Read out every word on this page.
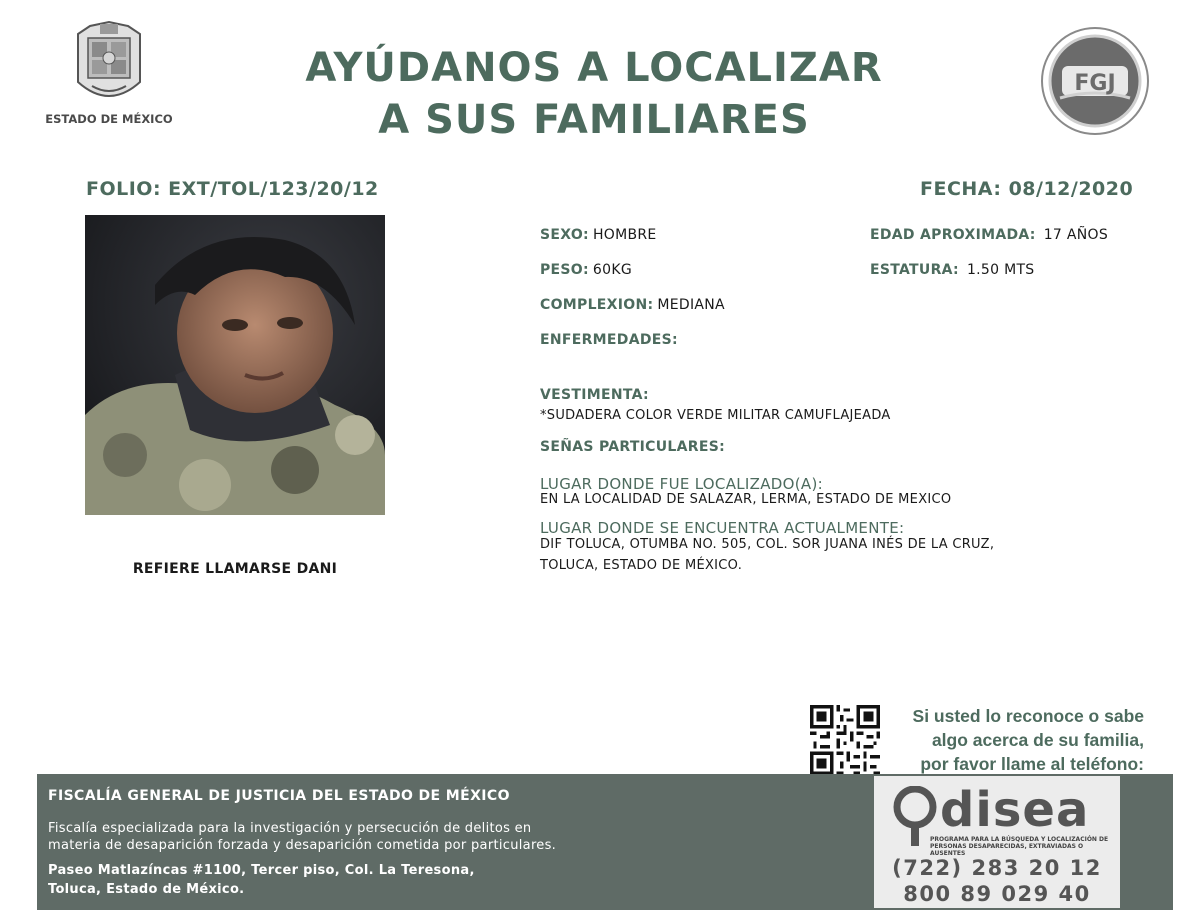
ESTADO DE MÉXICO
FGJ
AYÚDANOS A LOCALIZAR
A SUS FAMILIARES
FOLIO: EXT/TOL/123/20/12	FECHA: 08/12/2020
REFIERE LLAMARSE DANI
SEXO: HOMBRE	EDAD APROXIMADA: 17 AÑOS
PESO: 60KG	ESTATURA: 1.50 MTS
COMPLEXION: MEDIANA
ENFERMEDADES:
VESTIMENTA:
*SUDADERA COLOR VERDE MILITAR CAMUFLAJEADA
SEÑAS PARTICULARES:
LUGAR DONDE FUE LOCALIZADO(A):
EN LA LOCALIDAD DE SALAZAR, LERMA, ESTADO DE MEXICO
LUGAR DONDE SE ENCUENTRA ACTUALMENTE:
DIF TOLUCA, OTUMBA NO. 505, COL. SOR JUANA INÉS DE LA CRUZ,
TOLUCA, ESTADO DE MÉXICO.
Si usted lo reconoce o sabe
algo acerca de su familia,
por favor llame al teléfono:
FISCALÍA GENERAL DE JUSTICIA DEL ESTADO DE MÉXICO
Fiscalía especializada para la investigación y persecución de delitos en
materia de desaparición forzada y desaparición cometida por particulares.
Paseo Matlazíncas #1100, Tercer piso, Col. La Teresona,
Toluca, Estado de México.
disea
PROGRAMA PARA LA BÚSQUEDA Y LOCALIZACIÓN DE PERSONAS DESAPARECIDAS, EXTRAVIADAS O AUSENTES
(722) 283 20 12
800 89 029 40
